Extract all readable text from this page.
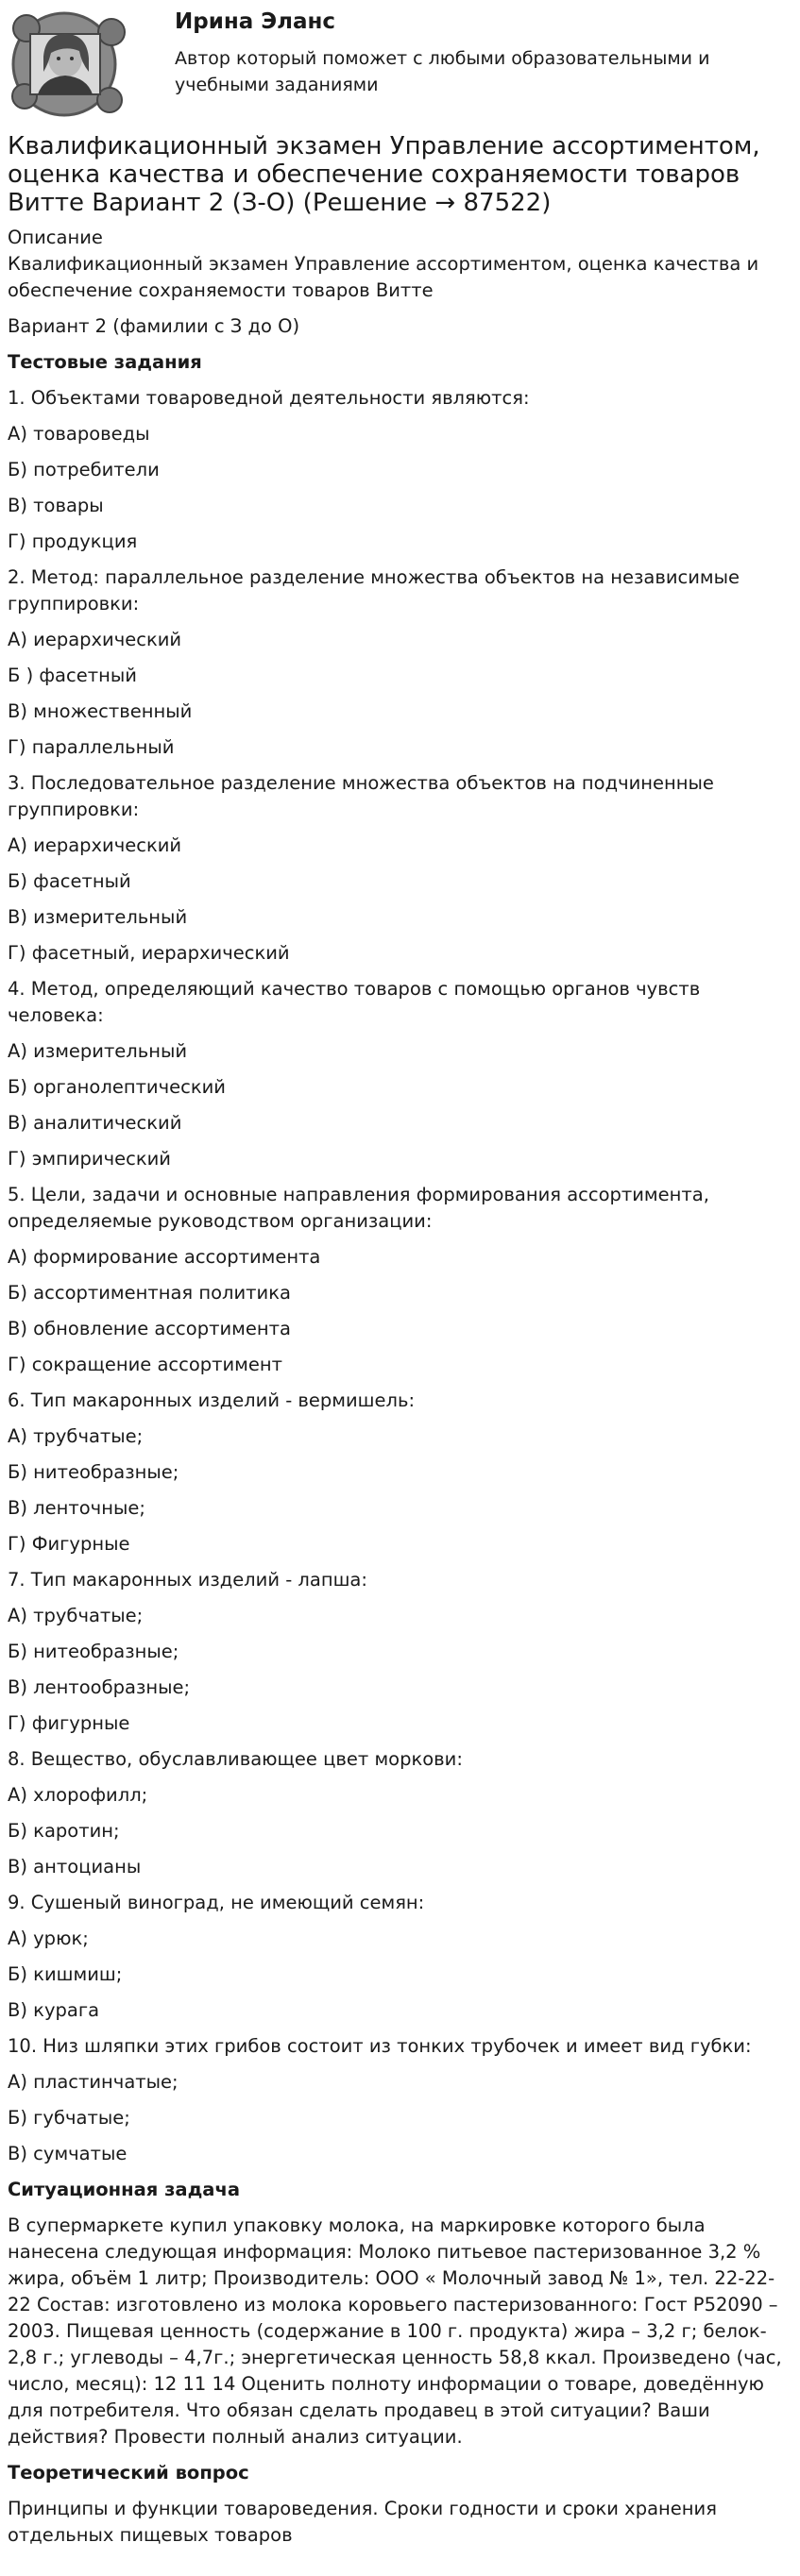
Ирина Эланс
Автор который поможет с любыми образовательными и учебными заданиями
Квалификационный экзамен Управление ассортиментом, оценка качества и обеспечение сохраняемости товаров Витте Вариант 2 (З-О) (Решение → 87522)
Описание
Квалификационный экзамен Управление ассортиментом, оценка качества и обеспечение сохраняемости товаров Витте
Вариант 2 (фамилии с З до О)
Тестовые задания
1. Объектами товароведной деятельности являются:
А) товароведы
Б) потребители
В) товары
Г) продукция
2. Метод: параллельное разделение множества объектов на независимые группировки:
А) иерархический
Б ) фасетный
В) множественный
Г) параллельный
3. Последовательное разделение множества объектов на подчиненные группировки:
А) иерархический
Б) фасетный
В) измерительный
Г) фасетный, иерархический
4. Метод, определяющий качество товаров с помощью органов чувств человека:
А) измерительный
Б) органолептический
В) аналитический
Г) эмпирический
5. Цели, задачи и основные направления формирования ассортимента, определяемые руководством организации:
А) формирование ассортимента
Б) ассортиментная политика
В) обновление ассортимента
Г) сокращение ассортимент
6. Тип макаронных изделий - вермишель:
А) трубчатые;
Б) нитеобразные;
В) ленточные;
Г) Фигурные
7. Тип макаронных изделий - лапша:
А) трубчатые;
Б) нитеобразные;
В) лентообразные;
Г) фигурные
8. Вещество, обуславливающее цвет моркови:
А) хлорофилл;
Б) каротин;
В) антоцианы
9. Сушеный виноград, не имеющий семян:
А) урюк;
Б) кишмиш;
В) курага
10. Низ шляпки этих грибов состоит из тонких трубочек и имеет вид губки:
А) пластинчатые;
Б) губчатые;
В) сумчатые
Ситуационная задача
В супермаркете купил упаковку молока, на маркировке которого была нанесена следующая информация: Молоко питьевое пастеризованное 3,2 % жира, объём 1 литр; Производитель: ООО « Молочный завод № 1», тел. 22-22-22 Состав: изготовлено из молока коровьего пастеризованного: Гост Р52090 – 2003. Пищевая ценность (содержание в 100 г. продукта) жира – 3,2 г; белок- 2,8 г.; углеводы – 4,7г.; энергетическая ценность 58,8 ккал. Произведено (час, число, месяц): 12 11 14 Оценить полноту информации о товаре, доведённую для потребителя. Что обязан сделать продавец в этой ситуации? Ваши действия? Провести полный анализ ситуации.
Теоретический вопрос
Принципы и функции товароведения. Сроки годности и сроки хранения отдельных пищевых товаров
